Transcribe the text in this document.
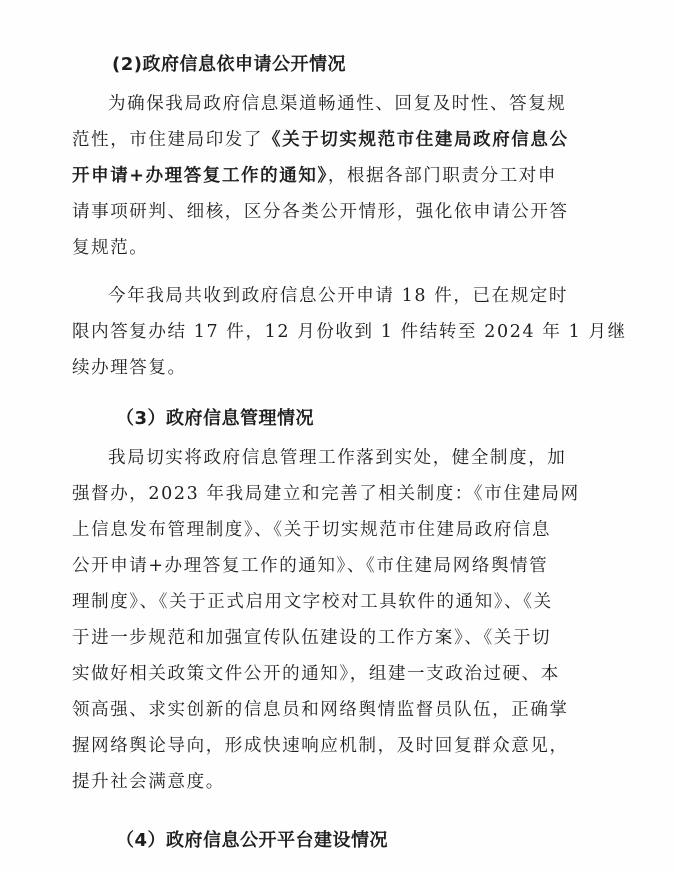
(2)政府信息依申请公开情况
为确保我局政府信息渠道畅通性、回复及时性、答复规
范性，市住建局印发了《关于切实规范市住建局政府信息公
开申请+办理答复工作的通知》，根据各部门职责分工对申
请事项研判、细核，区分各类公开情形，强化依申请公开答
复规范。
今年我局共收到政府信息公开申请 18 件，已在规定时
限内答复办结 17 件，12 月份收到 1 件结转至 2024 年 1 月继
续办理答复。
（3）政府信息管理情况
我局切实将政府信息管理工作落到实处，健全制度，加
强督办，2023 年我局建立和完善了相关制度：《市住建局网
上信息发布管理制度》、《关于切实规范市住建局政府信息
公开申请+办理答复工作的通知》、《市住建局网络舆情管
理制度》、《关于正式启用文字校对工具软件的通知》、《关
于进一步规范和加强宣传队伍建设的工作方案》、《关于切
实做好相关政策文件公开的通知》，组建一支政治过硬、本
领高强、求实创新的信息员和网络舆情监督员队伍，正确掌
握网络舆论导向，形成快速响应机制，及时回复群众意见，
提升社会满意度。
（4）政府信息公开平台建设情况
